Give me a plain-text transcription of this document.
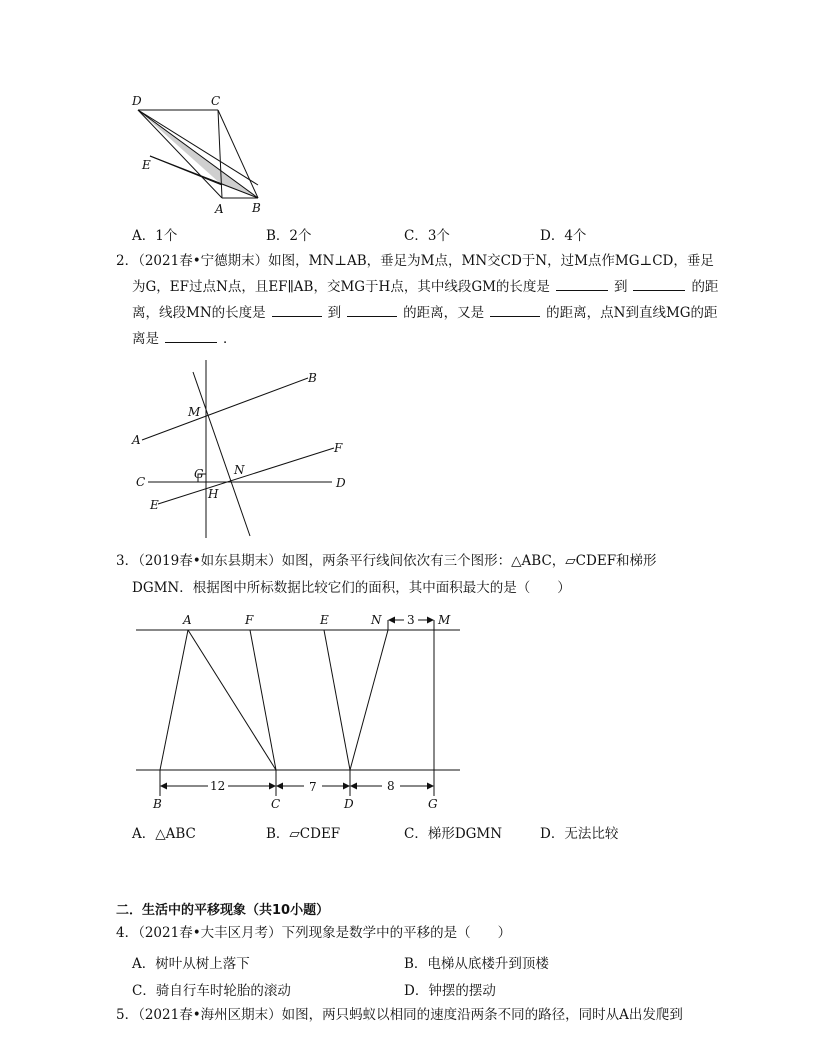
D	C
E
A B
A．1个	B．2个	C．3个	D．4个
2．（2021春•宁德期末）如图，MN⊥AB，垂足为M点，MN交CD于N，过M点作MG⊥CD，垂足
为G，EF过点N点，且EF∥AB，交MG于H点，其中线段GM的长度是	到	的距
离，线段MN的长度是	到	的距离，又是	的距离，点N到直线MG的距
离是	．
B
M
A
F
G	N
C	D
H
E
3．（2019春•如东县期末）如图，两条平行线间依次有三个图形：△ABC，▱CDEF和梯形
DGMN．根据图中所标数据比较它们的面积，其中面积最大的是（　　）
A	F	E	N	M
3
12	7	8
B	C	D	G
A．△ABC	B．▱CDEF	C．梯形DGMN	D．无法比较
二．生活中的平移现象（共10小题）
4．（2021春•大丰区月考）下列现象是数学中的平移的是（　　）
A．树叶从树上落下	B．电梯从底楼升到顶楼
C．骑自行车时轮胎的滚动	D．钟摆的摆动
5．（2021春•海州区期末）如图，两只蚂蚁以相同的速度沿两条不同的路径，同时从A出发爬到
